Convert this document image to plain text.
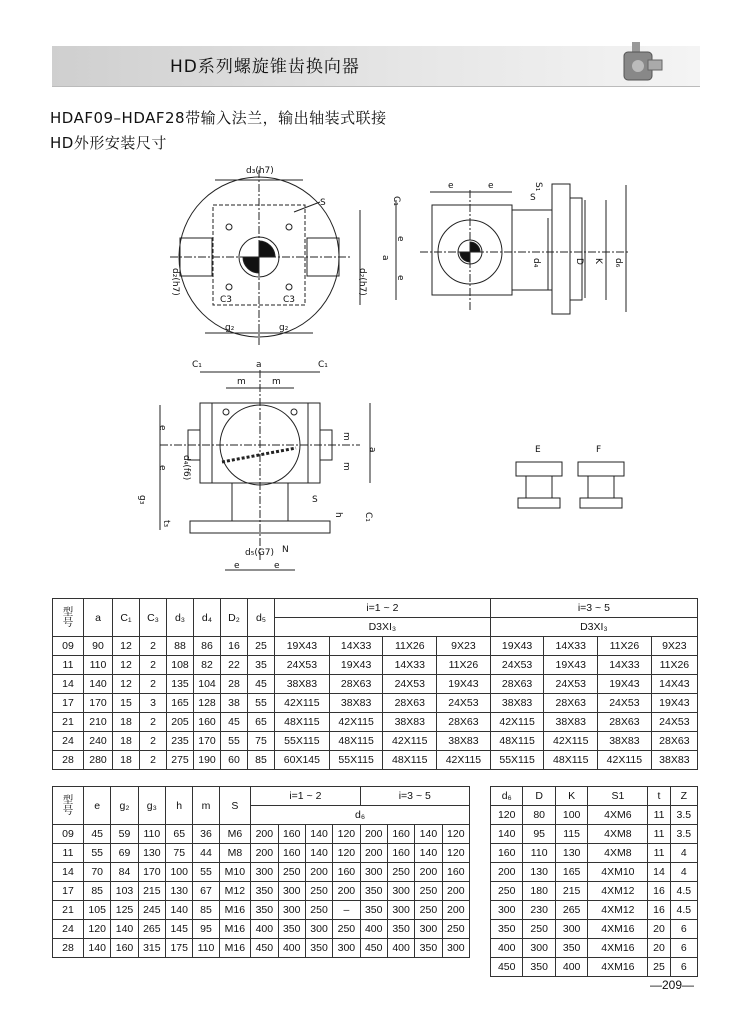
HD系列螺旋锥齿换向器
HDAF09–HDAF28带输入法兰，输出轴装式联接
HD外形安装尺寸
d₃(h7)
S
d₂(h7)	d₂(h7)
C3	C3
g₂	g₂
C₁
e	e
S
S₁
a
e
e
d₄	D K d₆
C₁	a	C₁
m	m
e
e d₄(f6)
g₃
t₃
m
m
a
h C₁
S
d₅(G7) N
e	e
E	F
型号	a	C₁	C₃	d₃	d₄	D₂	d₅	i=1 ~ 2				i=3 ~ 5			
								D3XI₃				D3XI₃			
09	90	12	2	88	86	16	25	19X43	14X33	11X26	9X23	19X43	14X33	11X26	9X23
11	110	12	2	108	82	22	35	24X53	19X43	14X33	11X26	24X53	19X43	14X33	11X26
14	140	12	2	135	104	28	45	38X83	28X63	24X53	19X43	28X63	24X53	19X43	14X43
17	170	15	3	165	128	38	55	42X115	38X83	28X63	24X53	38X83	28X63	24X53	19X43
21	210	18	2	205	160	45	65	48X115	42X115	38X83	28X63	42X115	38X83	28X63	24X53
24	240	18	2	235	170	55	75	55X115	48X115	42X115	38X83	48X115	42X115	38X83	28X63
28	280	18	2	275	190	60	85	60X145	55X115	48X115	42X115	55X115	48X115	42X115	38X83
型号	e	g₂	g₃	h	m	S	i=1 ~ 2				i=3 ~ 5			
							d₆							
09	45	59	110	65	36	M6	200	160	140	120	200	160	140	120
11	55	69	130	75	44	M8	200	160	140	120	200	160	140	120
14	70	84	170	100	55	M10	300	250	200	160	300	250	200	160
17	85	103	215	130	67	M12	350	300	250	200	350	300	250	200
21	105	125	245	140	85	M16	350	300	250	–	350	300	250	200
24	120	140	265	145	95	M16	400	350	300	250	400	350	300	250
28	140	160	315	175	110	M16	450	400	350	300	450	400	350	300
d₆	D	K	S1	t	Z
120	80	100	4XM6	11	3.5
140	95	115	4XM8	11	3.5
160	110	130	4XM8	11	4
200	130	165	4XM10	14	4
250	180	215	4XM12	16	4.5
300	230	265	4XM12	16	4.5
350	250	300	4XM16	20	6
400	300	350	4XM16	20	6
450	350	400	4XM16	25	6
—209—
